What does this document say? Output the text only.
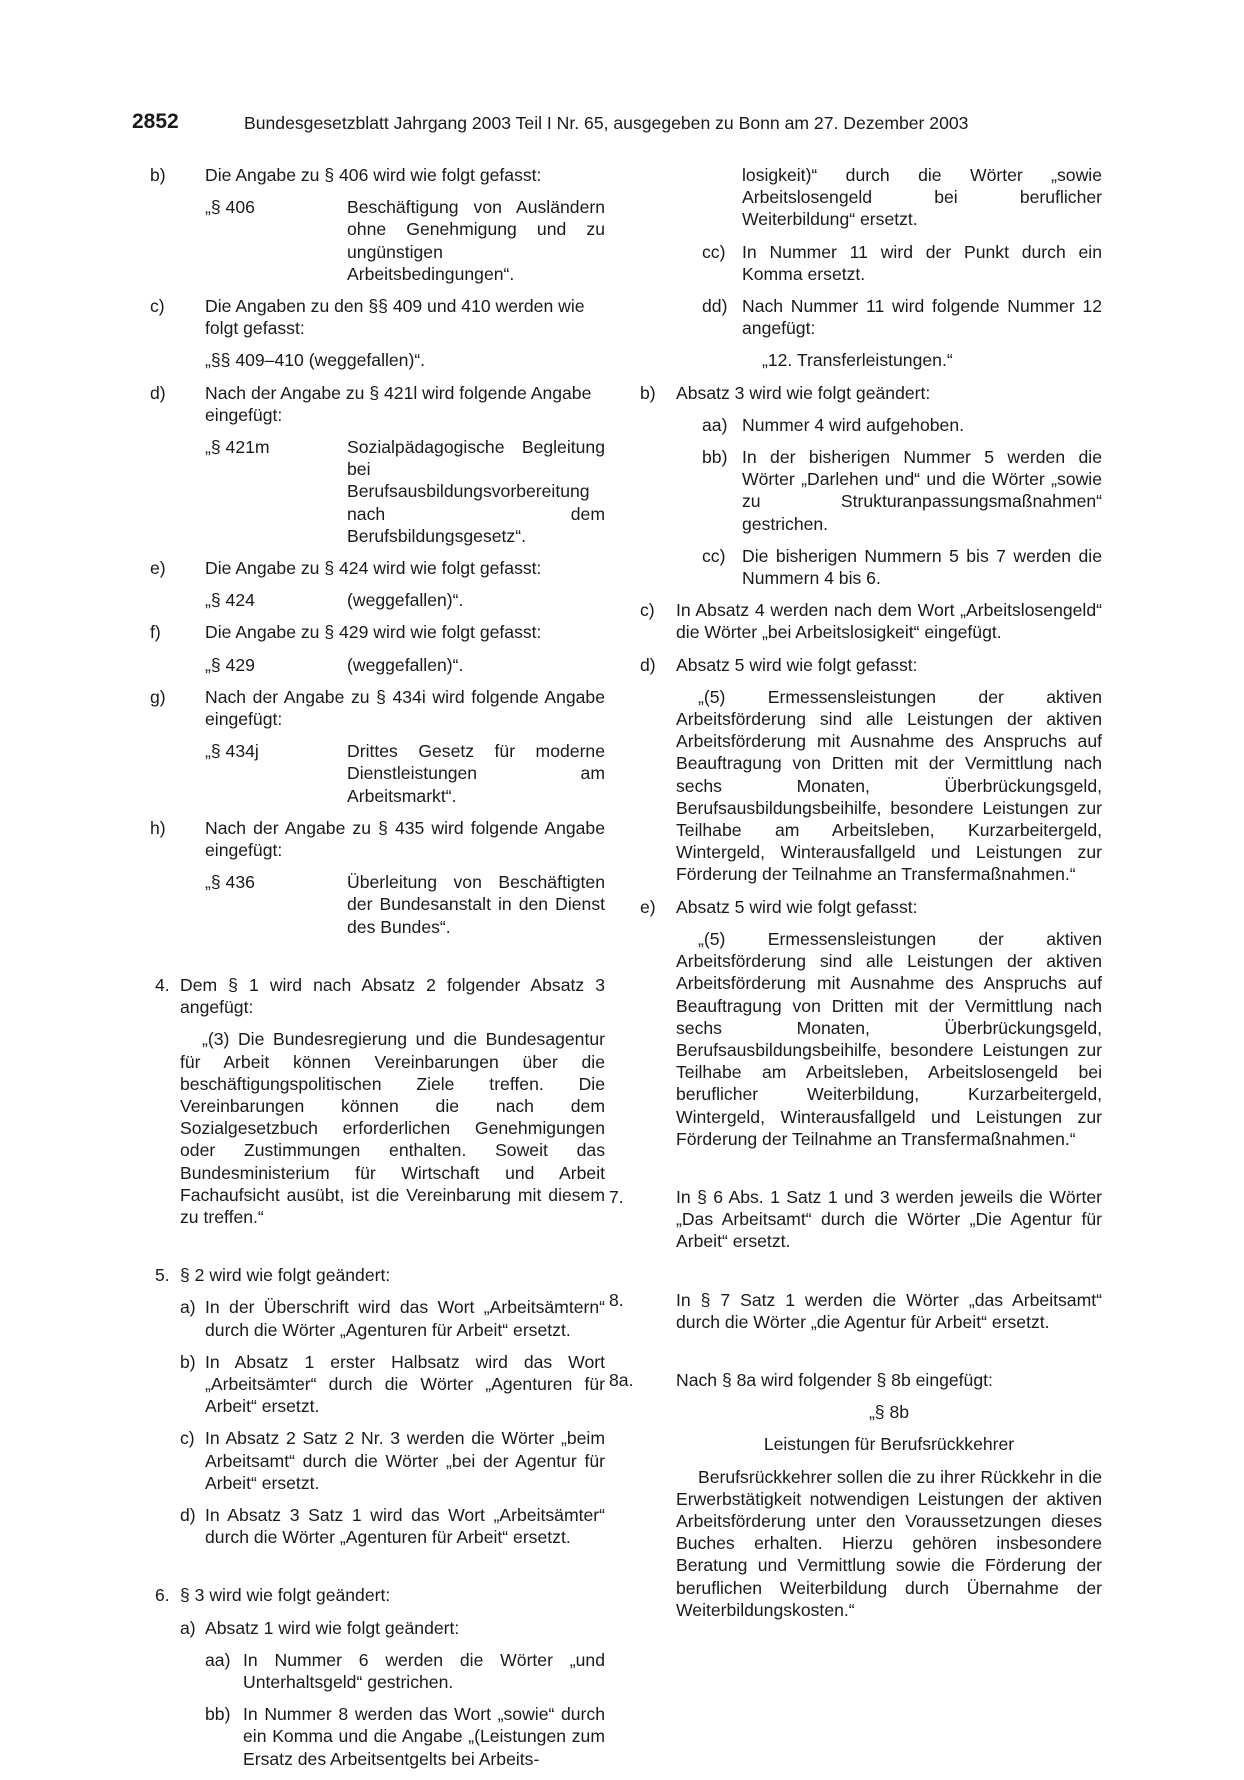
2852	Bundesgesetzblatt Jahrgang 2003 Teil I Nr. 65, ausgegeben zu Bonn am 27. Dezember 2003
b) Die Angabe zu § 406 wird wie folgt gefasst:

„§ 406	Beschäftigung von Ausländern ohne Genehmigung und zu ungünstigen Arbeitsbedingungen“.

c) Die Angaben zu den §§ 409 und 410 werden wie folgt gefasst:

„§§ 409–410 (weggefallen)“.

d) Nach der Angabe zu § 421l wird folgende Angabe eingefügt:

„§ 421m	Sozialpädagogische Begleitung bei Berufsausbildungsvorbereitung nach dem Berufsbildungsgesetz“.

e) Die Angabe zu § 424 wird wie folgt gefasst:

„§ 424	(weggefallen)“.

f)	Die Angabe zu § 429 wird wie folgt gefasst:

„§ 429	(weggefallen)“.

g) Nach der Angabe zu § 434i wird folgende Angabe eingefügt:

„§ 434j	Drittes Gesetz für moderne Dienstleistungen am Arbeitsmarkt“.

h) Nach der Angabe zu § 435 wird folgende Angabe eingefügt:

„§ 436	Überleitung von Beschäftigten der Bundesanstalt in den Dienst des Bundes“.

4. Dem § 1 wird nach Absatz 2 folgender Absatz 3 angefügt:

„(3) Die Bundesregierung und die Bundesagentur für Arbeit können Vereinbarungen über die beschäftigungspolitischen Ziele treffen. Die Vereinbarungen können die nach dem Sozialgesetzbuch erforderlichen Genehmigungen oder Zustimmungen enthalten. Soweit das Bundesministerium für Wirtschaft und Arbeit Fachaufsicht ausübt, ist die Vereinbarung mit diesem zu treffen.“

5. § 2 wird wie folgt geändert:

a) In der Überschrift wird das Wort „Arbeitsämtern“ durch die Wörter „Agenturen für Arbeit“ ersetzt.

b) In Absatz 1 erster Halbsatz wird das Wort „Arbeitsämter“ durch die Wörter „Agenturen für Arbeit“ ersetzt.

c) In Absatz 2 Satz 2 Nr. 3 werden die Wörter „beim Arbeitsamt“ durch die Wörter „bei der Agentur für Arbeit“ ersetzt.

d) In Absatz 3 Satz 1 wird das Wort „Arbeitsämter“ durch die Wörter „Agenturen für Arbeit“ ersetzt.

6. § 3 wird wie folgt geändert:

a) Absatz 1 wird wie folgt geändert:

aa) In Nummer 6 werden die Wörter „und Unterhaltsgeld“ gestrichen.

bb) In Nummer 8 werden das Wort „sowie“ durch ein Komma und die Angabe „(Leistungen zum Ersatz des Arbeitsentgelts bei Arbeits-

losigkeit)“ durch die Wörter „sowie Arbeitslosengeld bei beruflicher Weiterbildung“ ersetzt.

cc) In Nummer 11 wird der Punkt durch ein Komma ersetzt.

dd) Nach Nummer 11 wird folgende Nummer 12 angefügt:

„12. Transferleistungen.“

b) Absatz 3 wird wie folgt geändert:

aa) Nummer 4 wird aufgehoben.

bb) In der bisherigen Nummer 5 werden die Wörter „Darlehen und“ und die Wörter „sowie zu Strukturanpassungsmaßnahmen“ gestrichen.

cc) Die bisherigen Nummern 5 bis 7 werden die Nummern 4 bis 6.

c) In Absatz 4 werden nach dem Wort „Arbeitslosengeld“ die Wörter „bei Arbeitslosigkeit“ eingefügt.

d) Absatz 5 wird wie folgt gefasst:

„(5) Ermessensleistungen der aktiven Arbeitsförderung sind alle Leistungen der aktiven Arbeitsförderung mit Ausnahme des Anspruchs auf Beauftragung von Dritten mit der Vermittlung nach sechs Monaten, Überbrückungsgeld, Berufsausbildungsbeihilfe, besondere Leistungen zur Teilhabe am Arbeitsleben, Kurzarbeitergeld, Wintergeld, Winterausfallgeld und Leistungen zur Förderung der Teilnahme an Transfermaßnahmen.“

e) Absatz 5 wird wie folgt gefasst:

„(5) Ermessensleistungen der aktiven Arbeitsförderung sind alle Leistungen der aktiven Arbeitsförderung mit Ausnahme des Anspruchs auf Beauftragung von Dritten mit der Vermittlung nach sechs Monaten, Überbrückungsgeld, Berufsausbildungsbeihilfe, besondere Leistungen zur Teilhabe am Arbeitsleben, Arbeitslosengeld bei beruflicher Weiterbildung, Kurzarbeitergeld, Wintergeld, Winterausfallgeld und Leistungen zur Förderung der Teilnahme an Transfermaßnahmen.“

7.	In § 6 Abs. 1 Satz 1 und 3 werden jeweils die Wörter „Das Arbeitsamt“ durch die Wörter „Die Agentur für Arbeit“ ersetzt.

8.	In § 7 Satz 1 werden die Wörter „das Arbeitsamt“ durch die Wörter „die Agentur für Arbeit“ ersetzt.

8a. Nach § 8a wird folgender § 8b eingefügt:

„§ 8b

Leistungen für Berufsrückkehrer

Berufsrückkehrer sollen die zu ihrer Rückkehr in die Erwerbstätigkeit notwendigen Leistungen der aktiven Arbeitsförderung unter den Voraussetzungen dieses Buches erhalten. Hierzu gehören insbesondere Beratung und Vermittlung sowie die Förderung der beruflichen Weiterbildung durch Übernahme der Weiterbildungskosten.“
